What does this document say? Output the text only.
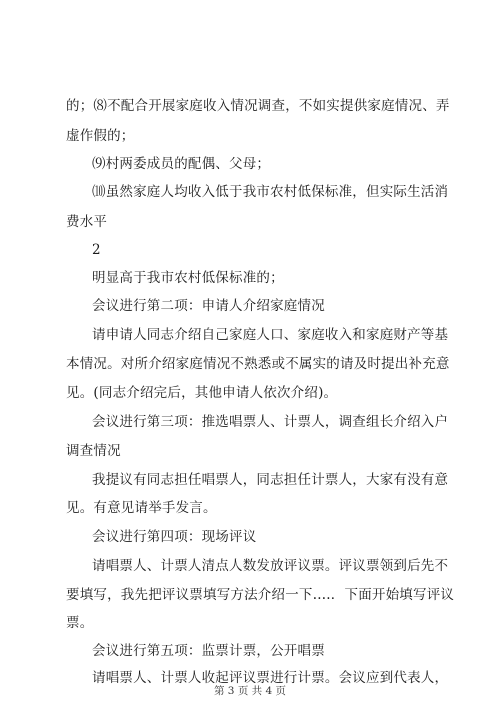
的；⑻不配合开展家庭收入情况调查，不如实提供家庭情况、弄
虚作假的；
⑼村两委成员的配偶、父母；
⑽虽然家庭人均收入低于我市农村低保标准，但实际生活消
费水平
2
明显高于我市农村低保标准的；
会议进行第二项：申请人介绍家庭情况
请申请人同志介绍自己家庭人口、家庭收入和家庭财产等基
本情况。对所介绍家庭情况不熟悉或不属实的请及时提出补充意
见。(同志介绍完后，其他申请人依次介绍)。
会议进行第三项：推选唱票人、计票人，调查组长介绍入户
调查情况
我提议有同志担任唱票人，同志担任计票人，大家有没有意
见。有意见请举手发言。
会议进行第四项：现场评议
请唱票人、计票人清点人数发放评议票。评议票领到后先不
要填写，我先把评议票填写方法介绍一下….．下面开始填写评议
票。
会议进行第五项：监票计票，公开唱票
请唱票人、计票人收起评议票进行计票。会议应到代表人，
第 3 页 共 4 页
